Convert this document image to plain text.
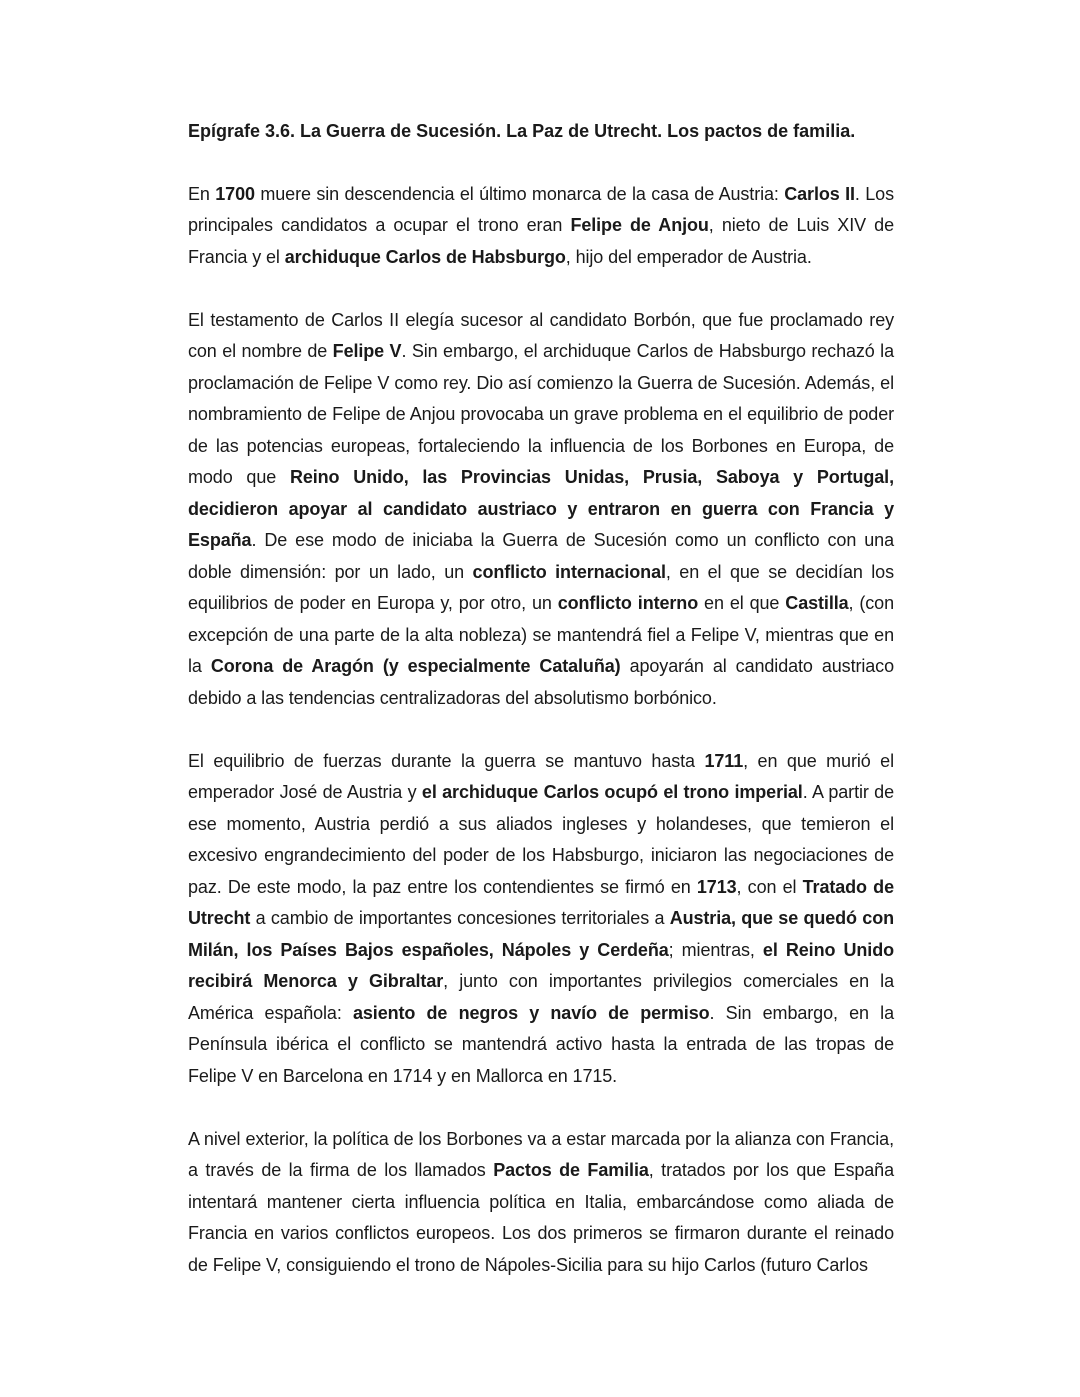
Epígrafe 3.6. La Guerra de Sucesión. La Paz de Utrecht. Los pactos de familia.

En 1700 muere sin descendencia el último monarca de la casa de Austria: Carlos II. Los principales candidatos a ocupar el trono eran Felipe de Anjou, nieto de Luis XIV de Francia y el archiduque Carlos de Habsburgo, hijo del emperador de Austria.

El testamento de Carlos II elegía sucesor al candidato Borbón, que fue proclamado rey con el nombre de Felipe V. Sin embargo, el archiduque Carlos de Habsburgo rechazó la proclamación de Felipe V como rey. Dio así comienzo la Guerra de Sucesión. Además, el nombramiento de Felipe de Anjou provocaba un grave problema en el equilibrio de poder de las potencias europeas, fortaleciendo la influencia de los Borbones en Europa, de modo que Reino Unido, las Provincias Unidas, Prusia, Saboya y Portugal, decidieron apoyar al candidato austriaco y entraron en guerra con Francia y España. De ese modo de iniciaba la Guerra de Sucesión como un conflicto con una doble dimensión: por un lado, un conflicto internacional, en el que se decidían los equilibrios de poder en Europa y, por otro, un conflicto interno en el que Castilla, (con excepción de una parte de la alta nobleza) se mantendrá fiel a Felipe V, mientras que en la Corona de Aragón (y especialmente Cataluña) apoyarán al candidato austriaco debido a las tendencias centralizadoras del absolutismo borbónico.

El equilibrio de fuerzas durante la guerra se mantuvo hasta 1711, en que murió el emperador José de Austria y el archiduque Carlos ocupó el trono imperial. A partir de ese momento, Austria perdió a sus aliados ingleses y holandeses, que temieron el excesivo engrandecimiento del poder de los Habsburgo, iniciaron las negociaciones de paz. De este modo, la paz entre los contendientes se firmó en 1713, con el Tratado de Utrecht a cambio de importantes concesiones territoriales a Austria, que se quedó con Milán, los Países Bajos españoles, Nápoles y Cerdeña; mientras, el Reino Unido recibirá Menorca y Gibraltar, junto con importantes privilegios comerciales en la América española: asiento de negros y navío de permiso. Sin embargo, en la Península ibérica el conflicto se mantendrá activo hasta la entrada de las tropas de Felipe V en Barcelona en 1714 y en Mallorca en 1715.

A nivel exterior, la política de los Borbones va a estar marcada por la alianza con Francia, a través de la firma de los llamados Pactos de Familia, tratados por los que España intentará mantener cierta influencia política en Italia, embarcándose como aliada de Francia en varios conflictos europeos. Los dos primeros se firmaron durante el reinado de Felipe V, consiguiendo el trono de Nápoles-Sicilia para su hijo Carlos (futuro Carlos
